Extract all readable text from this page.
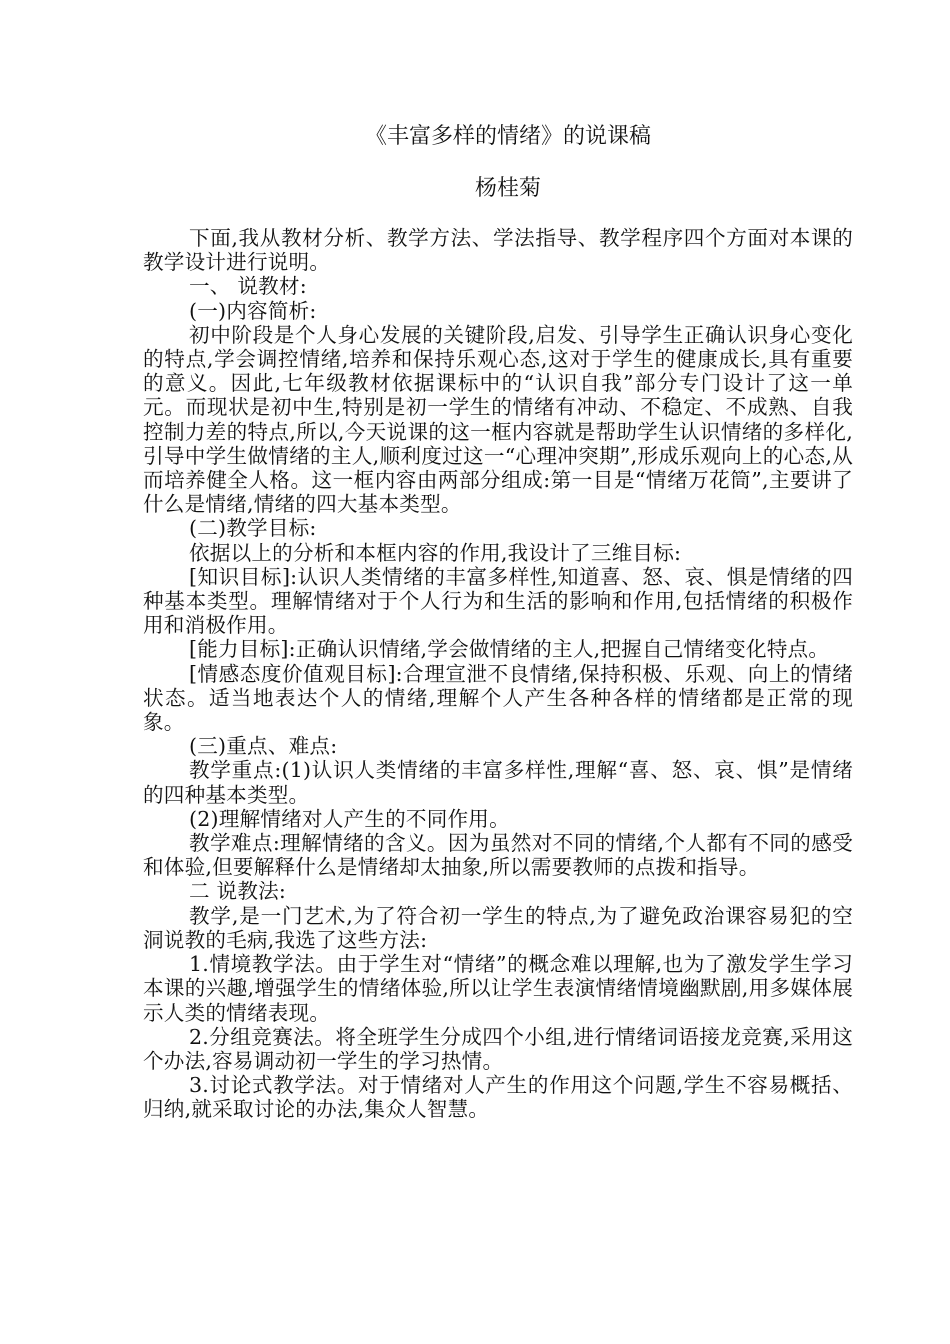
《丰富多样的情绪》的说课稿

杨桂菊

下面,我从教材分析、教学方法、学法指导、教学程序四个方面对本课的教学设计进行说明。

一、 说教材:

(一)内容简析:

初中阶段是个人身心发展的关键阶段,启发、引导学生正确认识身心变化的特点,学会调控情绪,培养和保持乐观心态,这对于学生的健康成长,具有重要的意义。因此,七年级教材依据课标中的“认识自我”部分专门设计了这一单元。而现状是初中生,特别是初一学生的情绪有冲动、不稳定、不成熟、自我控制力差的特点,所以,今天说课的这一框内容就是帮助学生认识情绪的多样化,引导中学生做情绪的主人,顺利度过这一“心理冲突期”,形成乐观向上的心态,从而培养健全人格。这一框内容由两部分组成:第一目是“情绪万花筒”,主要讲了什么是情绪,情绪的四大基本类型。

(二)教学目标:

依据以上的分析和本框内容的作用,我设计了三维目标:

[知识目标]:认识人类情绪的丰富多样性,知道喜、怒、哀、惧是情绪的四种基本类型。理解情绪对于个人行为和生活的影响和作用,包括情绪的积极作用和消极作用。

[能力目标]:正确认识情绪,学会做情绪的主人,把握自己情绪变化特点。

[情感态度价值观目标]:合理宣泄不良情绪,保持积极、乐观、向上的情绪状态。适当地表达个人的情绪,理解个人产生各种各样的情绪都是正常的现象。

(三)重点、难点:

教学重点:(1)认识人类情绪的丰富多样性,理解“喜、怒、哀、惧”是情绪的四种基本类型。

(2)理解情绪对人产生的不同作用。

教学难点:理解情绪的含义。因为虽然对不同的情绪,个人都有不同的感受和体验,但要解释什么是情绪却太抽象,所以需要教师的点拨和指导。

二 说教法:

教学,是一门艺术,为了符合初一学生的特点,为了避免政治课容易犯的空洞说教的毛病,我选了这些方法:

1.情境教学法。由于学生对“情绪”的概念难以理解,也为了激发学生学习本课的兴趣,增强学生的情绪体验,所以让学生表演情绪情境幽默剧,用多媒体展示人类的情绪表现。

2.分组竞赛法。将全班学生分成四个小组,进行情绪词语接龙竞赛,采用这个办法,容易调动初一学生的学习热情。

3.讨论式教学法。对于情绪对人产生的作用这个问题,学生不容易概括、归纳,就采取讨论的办法,集众人智慧。
